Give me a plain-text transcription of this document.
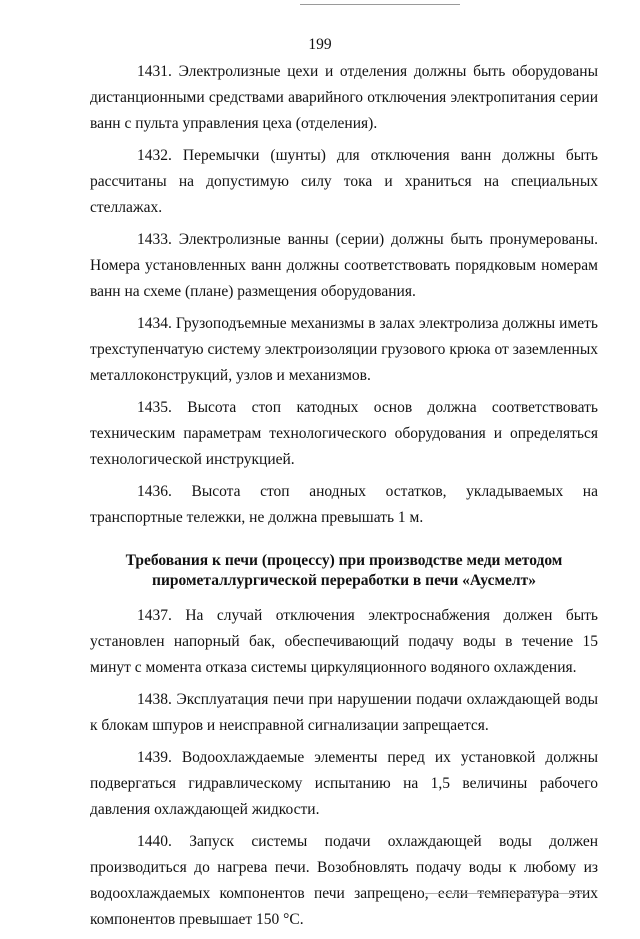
199

1431. Электролизные цехи и отделения должны быть оборудованы дистанционными средствами аварийного отключения электропитания серии ванн с пульта управления цеха (отделения).

1432. Перемычки (шунты) для отключения ванн должны быть рассчитаны на допустимую силу тока и храниться на специальных стеллажах.

1433. Электролизные ванны (серии) должны быть пронумерованы. Номера установленных ванн должны соответствовать порядковым номерам ванн на схеме (плане) размещения оборудования.

1434. Грузоподъемные механизмы в залах электролиза должны иметь трехступенчатую систему электроизоляции грузового крюка от заземленных металлоконструкций, узлов и механизмов.

1435. Высота стоп катодных основ должна соответствовать техническим параметрам технологического оборудования и определяться технологической инструкцией.

1436. Высота стоп анодных остатков, укладываемых на транспортные тележки, не должна превышать 1 м.

Требования к печи (процессу) при производстве меди методом пирометаллургической переработки в печи «Аусмелт»

1437. На случай отключения электроснабжения должен быть установлен напорный бак, обеспечивающий подачу воды в течение 15 минут с момента отказа системы циркуляционного водяного охлаждения.

1438. Эксплуатация печи при нарушении подачи охлаждающей воды к блокам шпуров и неисправной сигнализации запрещается.

1439. Водоохлаждаемые элементы перед их установкой должны подвергаться гидравлическому испытанию на 1,5 величины рабочего давления охлаждающей жидкости.

1440. Запуск системы подачи охлаждающей воды должен производиться до нагрева печи. Возобновлять подачу воды к любому из водоохлаждаемых компонентов печи запрещено, если температура этих компонентов превышает 150 °С.
